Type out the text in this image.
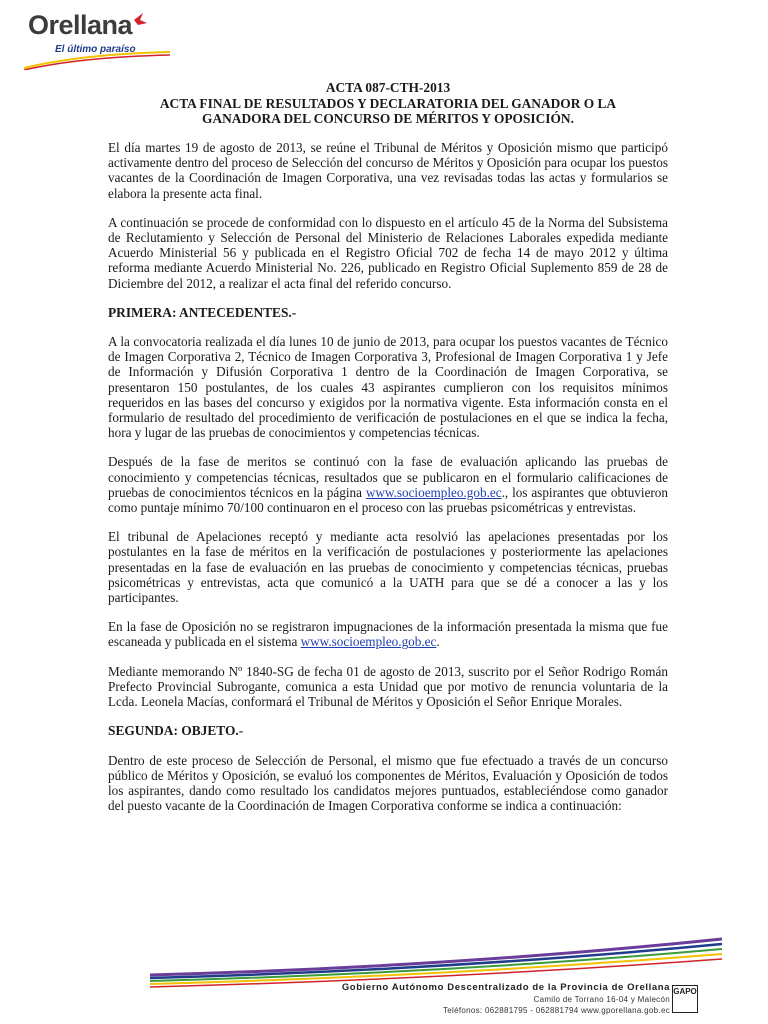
Orellana
El último paraíso
ACTA 087-CTH-2013
ACTA FINAL DE RESULTADOS Y DECLARATORIA DEL GANADOR O LA
GANADORA DEL CONCURSO DE MÉRITOS Y OPOSICIÓN.

El día martes 19 de agosto de 2013, se reúne el Tribunal de Méritos y Oposición mismo que participó activamente dentro del proceso de Selección del concurso de Méritos y Oposición para ocupar los puestos vacantes de la Coordinación de Imagen Corporativa, una vez revisadas todas las actas y formularios se elabora la presente acta final.

A continuación se procede de conformidad con lo dispuesto en el artículo 45 de la Norma del Subsistema de Reclutamiento y Selección de Personal del Ministerio de Relaciones Laborales expedida mediante Acuerdo Ministerial 56 y publicada en el Registro Oficial 702 de fecha 14 de mayo 2012 y última reforma mediante Acuerdo Ministerial No. 226, publicado en Registro Oficial Suplemento 859 de 28 de Diciembre del 2012, a realizar el acta final del referido concurso.

PRIMERA: ANTECEDENTES.-

A la convocatoria realizada el día lunes 10 de junio de 2013, para ocupar los puestos vacantes de Técnico de Imagen Corporativa 2, Técnico de Imagen Corporativa 3, Profesional de Imagen Corporativa 1 y Jefe de Información y Difusión Corporativa 1 dentro de la Coordinación de Imagen Corporativa, se presentaron 150 postulantes, de los cuales 43 aspirantes cumplieron con los requisitos mínimos requeridos en las bases del concurso y exigidos por la normativa vigente. Esta información consta en el formulario de resultado del procedimiento de verificación de postulaciones en el que se indica la fecha, hora y lugar de las pruebas de conocimientos y competencias técnicas.

Después de la fase de meritos se continuó con la fase de evaluación aplicando las pruebas de conocimiento y competencias técnicas, resultados que se publicaron en el formulario calificaciones de pruebas de conocimientos técnicos en la página www.socioempleo.gob.ec., los aspirantes que obtuvieron como puntaje mínimo 70/100 continuaron en el proceso con las pruebas psicométricas y entrevistas.

El tribunal de Apelaciones receptó y mediante acta resolvió las apelaciones presentadas por los postulantes en la fase de méritos en la verificación de postulaciones y posteriormente las apelaciones presentadas en la fase de evaluación en las pruebas de conocimiento y competencias técnicas, pruebas psicométricas y entrevistas, acta que comunicó a la UATH para que se dé a conocer a las y los participantes.

En la fase de Oposición no se registraron impugnaciones de la información presentada la misma que fue escaneada y publicada en el sistema www.socioempleo.gob.ec.

Mediante memorando Nº 1840-SG de fecha 01 de agosto de 2013, suscrito por el Señor Rodrigo Román Prefecto Provincial Subrogante, comunica a esta Unidad que por motivo de renuncia voluntaria de la Lcda. Leonela Macías, conformará el Tribunal de Méritos y Oposición el Señor Enrique Morales.

SEGUNDA: OBJETO.-

Dentro de este proceso de Selección de Personal, el mismo que fue efectuado a través de un concurso público de Méritos y Oposición, se evaluó los componentes de Méritos, Evaluación y Oposición de todos los aspirantes, dando como resultado los candidatos mejores puntuados, estableciéndose como ganador del puesto vacante de la Coordinación de Imagen Corporativa conforme se indica a continuación:

Gobierno Autónomo Descentralizado de la Provincia de Orellana
Camilo de Torrano 16-04 y Malecón
Teléfonos: 062881795 - 062881794 www.gporellana.gob.ec
GAPO
